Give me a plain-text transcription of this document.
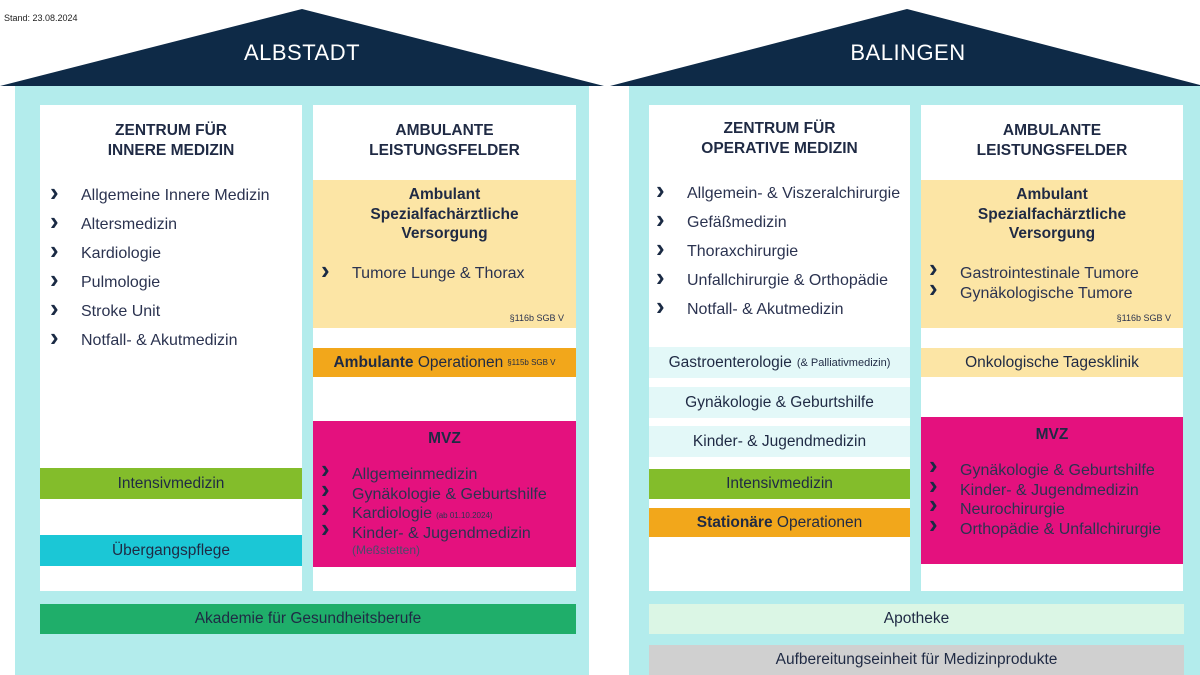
Stand: 23.08.2024
ALBSTADT
ZENTRUM FÜR
INNERE MEDIZIN
› Allgemeine Innere Medizin
› Altersmedizin
› Kardiologie
› Pulmologie
› Stroke Unit
› Notfall- & Akutmedizin
Intensivmedizin
Übergangspflege
AMBULANTE
LEISTUNGSFELDER
Ambulant
Spezialfachärztliche
Versorgung
› Tumore Lunge & Thorax
§116b SGB V
Ambulante
Operationen §115b SGB V
MVZ
› Allgemeinmedizin
› Gynäkologie & Geburtshilfe
› Kardiologie (ab 01.10.2024)
› Kinder- & Jugendmedizin
(Meßstetten)
Akademie für Gesundheitsberufe
BALINGEN
ZENTRUM FÜR
OPERATIVE MEDIZIN
› Allgemein- & Viszeralchirurgie
› Gefäßmedizin
› Thoraxchirurgie
› Unfallchirurgie & Orthopädie
› Notfall- & Akutmedizin
Gastroenterologie (& Palliativmedizin)
Gynäkologie & Geburtshilfe
Kinder- & Jugendmedizin
Intensivmedizin
Stationäre
Operationen
AMBULANTE
LEISTUNGSFELDER
Ambulant
Spezialfachärztliche
Versorgung
› Gastrointestinale Tumore
› Gynäkologische Tumore
§116b SGB V
Onkologische Tagesklinik
MVZ
› Gynäkologie & Geburtshilfe
› Kinder- & Jugendmedizin
› Neurochirurgie
› Orthopädie & Unfallchirurgie
Apotheke
Aufbereitungseinheit für Medizinprodukte
